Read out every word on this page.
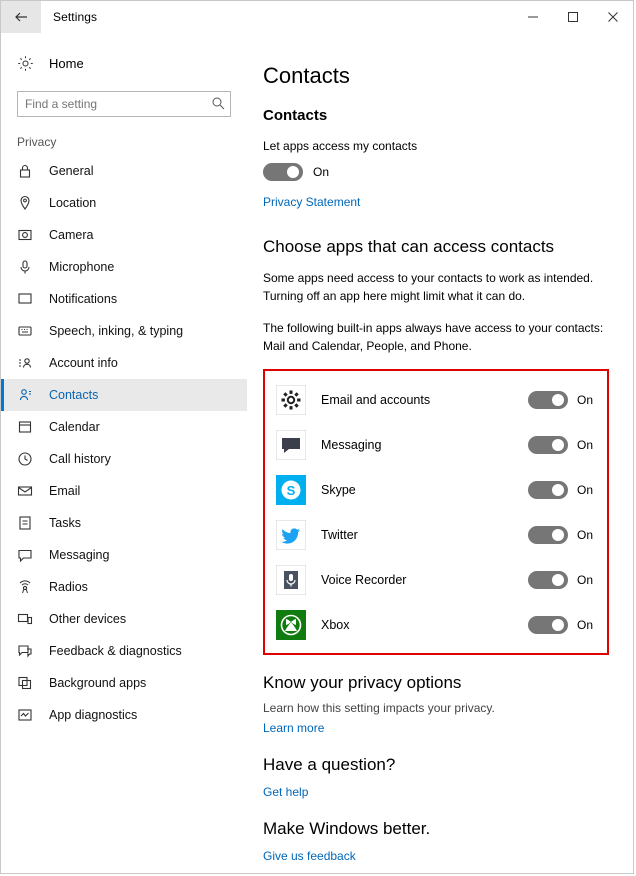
Settings
Home
Find a setting
Privacy
General
Location
Camera
Microphone
Notifications
Speech, inking, & typing
Account info
Contacts
Calendar
Call history
Email
Tasks
Messaging
Radios
Other devices
Feedback & diagnostics
Background apps
App diagnostics
Contacts
Contacts

Let apps access my contacts

On
Privacy Statement
Choose apps that can access contacts

Some apps need access to your contacts to work as intended.
Turning off an app here might limit what it can do.

The following built-in apps always have access to your contacts:
Mail and Calendar, People, and Phone.

Email and accounts	On
Messaging	On
S Skype	On
Twitter	On
Voice Recorder	On
Xbox	On
Know your privacy options

Learn how this setting impacts your privacy.

Learn more
Have a question?
Get help
Make Windows better.
Give us feedback
